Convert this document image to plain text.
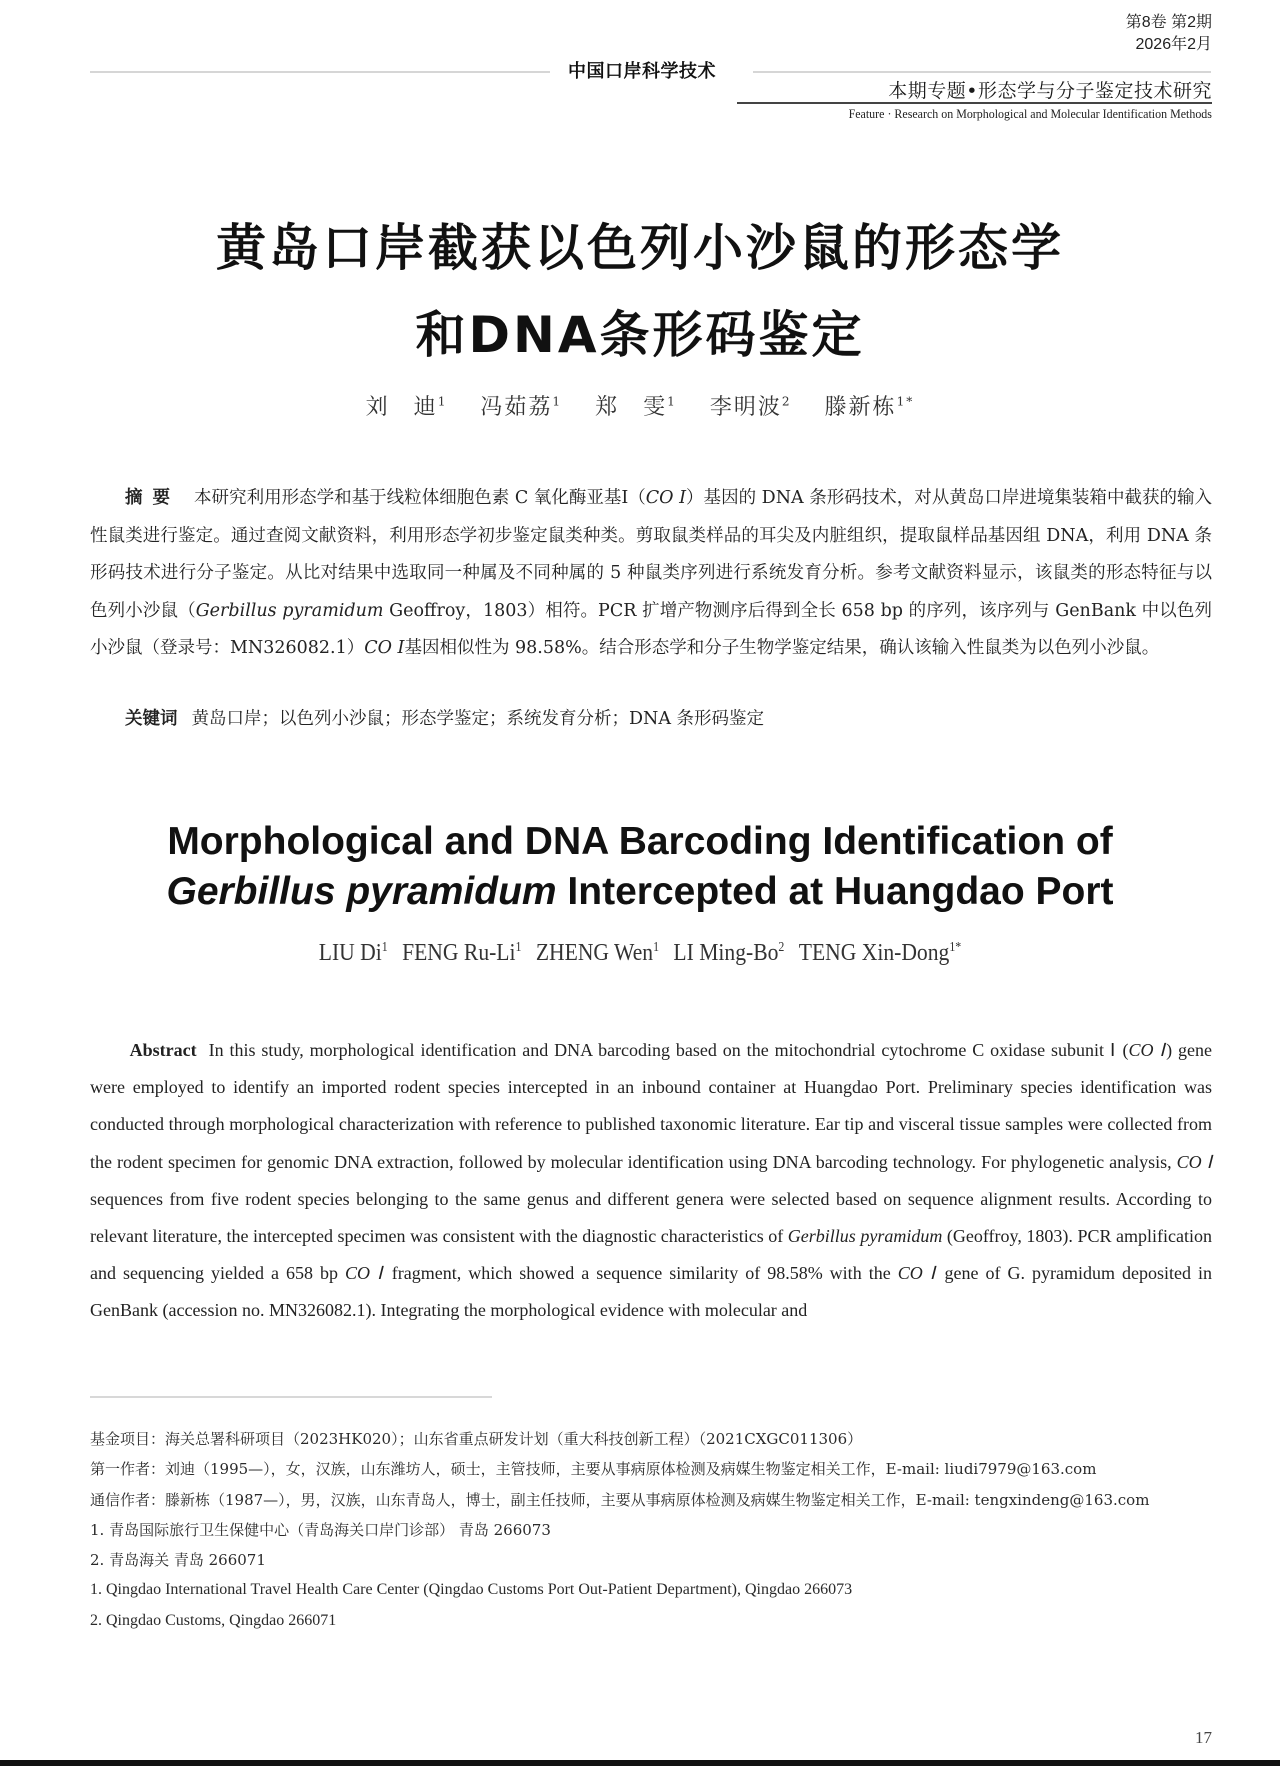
第8卷 第2期
2026年2月
中国口岸科学技术
本期专题•形态学与分子鉴定技术研究
Feature · Research on Morphological and Molecular Identification Methods
黄岛口岸截获以色列小沙鼠的形态学
和DNA条形码鉴定
刘　迪$^1$ 冯茹荔$^1$ 郑　雯$^1$ 李明波$^2$ 滕新栋$^{1*}$
摘要 本研究利用形态学和基于线粒体细胞色素 C 氧化酶亚基Ⅰ（CO Ⅰ）基因的 DNA 条形码技术，对从黄岛口岸进境集装箱中截获的输入性鼠类进行鉴定。通过查阅文献资料，利用形态学初步鉴定鼠类种类。剪取鼠类样品的耳尖及内脏组织，提取鼠样品基因组 DNA，利用 DNA 条形码技术进行分子鉴定。从比对结果中选取同一种属及不同种属的 5 种鼠类序列进行系统发育分析。参考文献资料显示，该鼠类的形态特征与以色列小沙鼠（Gerbillus pyramidum Geoffroy，1803）相符。PCR 扩增产物测序后得到全长 658 bp 的序列，该序列与 GenBank 中以色列小沙鼠（登录号：MN326082.1）CO Ⅰ基因相似性为 98.58%。结合形态学和分子生物学鉴定结果，确认该输入性鼠类为以色列小沙鼠。
关键词 黄岛口岸；以色列小沙鼠；形态学鉴定；系统发育分析；DNA 条形码鉴定
Morphological and DNA Barcoding Identification of
Gerbillus pyramidum Intercepted at Huangdao Port
LIU Di$^1$ FENG Ru-Li$^1$ ZHENG Wen$^1$ LI Ming-Bo$^2$ TENG Xin-Dong$^{1*}$
Abstract In this study, morphological identification and DNA barcoding based on the mitochondrial cytochrome C oxidase subunit Ⅰ (CO Ⅰ) gene were employed to identify an imported rodent species intercepted in an inbound container at Huangdao Port. Preliminary species identification was conducted through morphological characterization with reference to published taxonomic literature. Ear tip and visceral tissue samples were collected from the rodent specimen for genomic DNA extraction, followed by molecular identification using DNA barcoding technology. For phylogenetic analysis, CO Ⅰ sequences from five rodent species belonging to the same genus and different genera were selected based on sequence alignment results. According to relevant literature, the intercepted specimen was consistent with the diagnostic characteristics of Gerbillus pyramidum (Geoffroy, 1803). PCR amplification and sequencing yielded a 658 bp CO Ⅰ fragment, which showed a sequence similarity of 98.58% with the CO Ⅰ gene of G. pyramidum deposited in GenBank (accession no. MN326082.1). Integrating the morphological evidence with molecular and

基金项目：海关总署科研项目（2023HK020）；山东省重点研发计划（重大科技创新工程）（2021CXGC011306）

第一作者：刘迪（1995—），女，汉族，山东潍坊人，硕士，主管技师，主要从事病原体检测及病媒生物鉴定相关工作，E-mail: liudi7979@163.com

通信作者：滕新栋（1987—），男，汉族，山东青岛人，博士，副主任技师，主要从事病原体检测及病媒生物鉴定相关工作，E-mail: tengxindeng@163.com

1. 青岛国际旅行卫生保健中心（青岛海关口岸门诊部） 青岛 266073

2. 青岛海关 青岛 266071

1. Qingdao International Travel Health Care Center (Qingdao Customs Port Out-Patient Department), Qingdao 266073

2. Qingdao Customs, Qingdao 266071

17
